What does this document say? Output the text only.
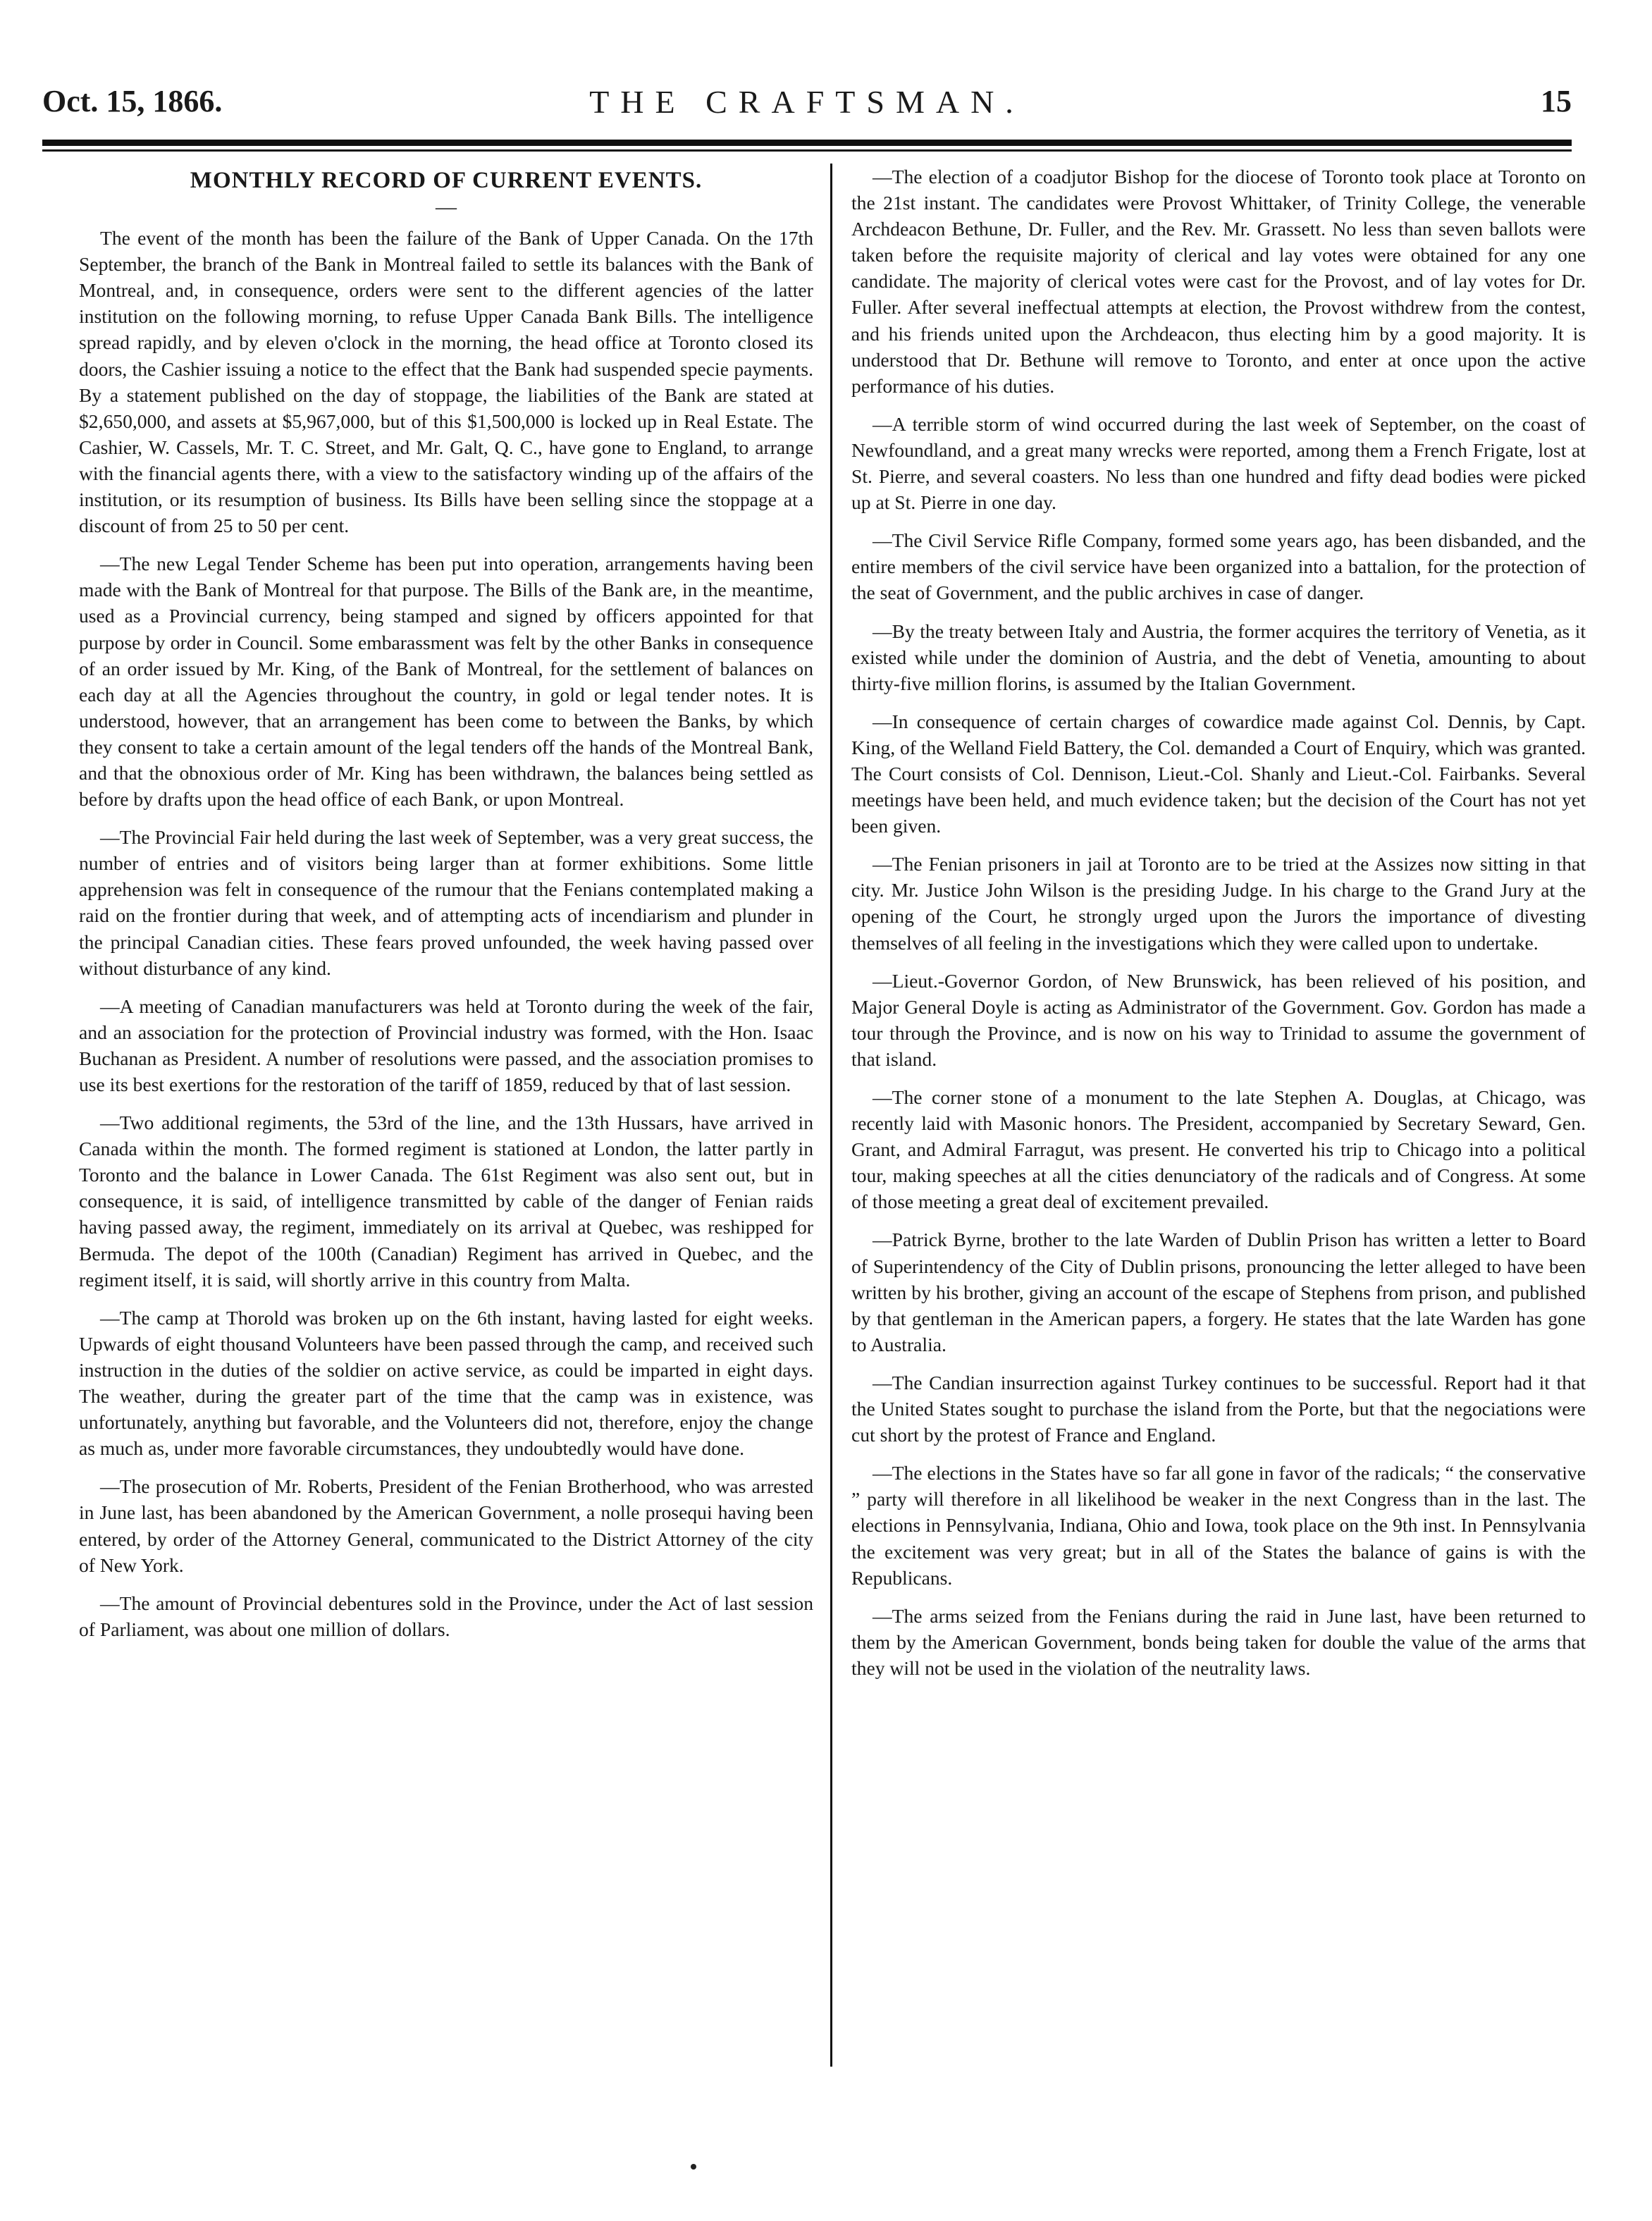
THE CRAFTSMAN.
Oct. 15, 1866.	15
MONTHLY RECORD OF CURRENT EVENTS.
—

The event of the month has been the failure of the Bank of Upper Canada. On the 17th September, the branch of the Bank in Montreal failed to settle its balances with the Bank of Montreal, and, in consequence, orders were sent to the different agencies of the latter institution on the following morning, to refuse Upper Canada Bank Bills. The intelligence spread rapidly, and by eleven o'clock in the morning, the head office at Toronto closed its doors, the Cashier issuing a notice to the effect that the Bank had suspended specie payments. By a statement published on the day of stoppage, the liabilities of the Bank are stated at $2,650,000, and assets at $5,967,000, but of this $1,500,000 is locked up in Real Estate. The Cashier, W. Cassels, Mr. T. C. Street, and Mr. Galt, Q. C., have gone to England, to arrange with the financial agents there, with a view to the satisfactory winding up of the affairs of the institution, or its resumption of business. Its Bills have been selling since the stoppage at a discount of from 25 to 50 per cent.

—The new Legal Tender Scheme has been put into operation, arrangements having been made with the Bank of Montreal for that purpose. The Bills of the Bank are, in the meantime, used as a Provincial currency, being stamped and signed by officers appointed for that purpose by order in Council. Some embarassment was felt by the other Banks in consequence of an order issued by Mr. King, of the Bank of Montreal, for the settlement of balances on each day at all the Agencies throughout the country, in gold or legal tender notes. It is understood, however, that an arrangement has been come to between the Banks, by which they consent to take a certain amount of the legal tenders off the hands of the Montreal Bank, and that the obnoxious order of Mr. King has been withdrawn, the balances being settled as before by drafts upon the head office of each Bank, or upon Montreal.

—The Provincial Fair held during the last week of September, was a very great success, the number of entries and of visitors being larger than at former exhibitions. Some little apprehension was felt in consequence of the rumour that the Fenians contemplated making a raid on the frontier during that week, and of attempting acts of incendiarism and plunder in the principal Canadian cities. These fears proved unfounded, the week having passed over without disturbance of any kind.

—A meeting of Canadian manufacturers was held at Toronto during the week of the fair, and an association for the protection of Provincial industry was formed, with the Hon. Isaac Buchanan as President. A number of resolutions were passed, and the association promises to use its best exertions for the restoration of the tariff of 1859, reduced by that of last session.

—Two additional regiments, the 53rd of the line, and the 13th Hussars, have arrived in Canada within the month. The formed regiment is stationed at London, the latter partly in Toronto and the balance in Lower Canada. The 61st Regiment was also sent out, but in consequence, it is said, of intelligence transmitted by cable of the danger of Fenian raids having passed away, the regiment, immediately on its arrival at Quebec, was reshipped for Bermuda. The depot of the 100th (Canadian) Regiment has arrived in Quebec, and the regiment itself, it is said, will shortly arrive in this country from Malta.

—The camp at Thorold was broken up on the 6th instant, having lasted for eight weeks. Upwards of eight thousand Volunteers have been passed through the camp, and received such instruction in the duties of the soldier on active service, as could be imparted in eight days. The weather, during the greater part of the time that the camp was in existence, was unfortunately, anything but favorable, and the Volunteers did not, therefore, enjoy the change as much as, under more favorable circumstances, they undoubtedly would have done.

—The prosecution of Mr. Roberts, President of the Fenian Brotherhood, who was arrested in June last, has been abandoned by the American Government, a nolle prosequi having been entered, by order of the Attorney General, communicated to the District Attorney of the city of New York.

—The amount of Provincial debentures sold in the Province, under the Act of last session of Parliament, was about one million of dollars.

—The election of a coadjutor Bishop for the diocese of Toronto took place at Toronto on the 21st instant. The candidates were Provost Whittaker, of Trinity College, the venerable Archdeacon Bethune, Dr. Fuller, and the Rev. Mr. Grassett. No less than seven ballots were taken before the requisite majority of clerical and lay votes were obtained for any one candidate. The majority of clerical votes were cast for the Provost, and of lay votes for Dr. Fuller. After several ineffectual attempts at election, the Provost withdrew from the contest, and his friends united upon the Archdeacon, thus electing him by a good majority. It is understood that Dr. Bethune will remove to Toronto, and enter at once upon the active performance of his duties.

—A terrible storm of wind occurred during the last week of September, on the coast of Newfoundland, and a great many wrecks were reported, among them a French Frigate, lost at St. Pierre, and several coasters. No less than one hundred and fifty dead bodies were picked up at St. Pierre in one day.

—The Civil Service Rifle Company, formed some years ago, has been disbanded, and the entire members of the civil service have been organized into a battalion, for the protection of the seat of Government, and the public archives in case of danger.

—By the treaty between Italy and Austria, the former acquires the territory of Venetia, as it existed while under the dominion of Austria, and the debt of Venetia, amounting to about thirty-five million florins, is assumed by the Italian Government.

—In consequence of certain charges of cowardice made against Col. Dennis, by Capt. King, of the Welland Field Battery, the Col. demanded a Court of Enquiry, which was granted. The Court consists of Col. Dennison, Lieut.-Col. Shanly and Lieut.-Col. Fairbanks. Several meetings have been held, and much evidence taken; but the decision of the Court has not yet been given.

—The Fenian prisoners in jail at Toronto are to be tried at the Assizes now sitting in that city. Mr. Justice John Wilson is the presiding Judge. In his charge to the Grand Jury at the opening of the Court, he strongly urged upon the Jurors the importance of divesting themselves of all feeling in the investigations which they were called upon to undertake.

—Lieut.-Governor Gordon, of New Brunswick, has been relieved of his position, and Major General Doyle is acting as Administrator of the Government. Gov. Gordon has made a tour through the Province, and is now on his way to Trinidad to assume the government of that island.

—The corner stone of a monument to the late Stephen A. Douglas, at Chicago, was recently laid with Masonic honors. The President, accompanied by Secretary Seward, Gen. Grant, and Admiral Farragut, was present. He converted his trip to Chicago into a political tour, making speeches at all the cities denunciatory of the radicals and of Congress. At some of those meeting a great deal of excitement prevailed.

—Patrick Byrne, brother to the late Warden of Dublin Prison has written a letter to Board of Superintendency of the City of Dublin prisons, pronouncing the letter alleged to have been written by his brother, giving an account of the escape of Stephens from prison, and published by that gentleman in the American papers, a forgery. He states that the late Warden has gone to Australia.

—The Candian insurrection against Turkey continues to be successful. Report had it that the United States sought to purchase the island from the Porte, but that the negociations were cut short by the protest of France and England.

—The elections in the States have so far all gone in favor of the radicals; “ the conservative ” party will therefore in all likelihood be weaker in the next Congress than in the last. The elections in Pennsylvania, Indiana, Ohio and Iowa, took place on the 9th inst. In Pennsylvania the excitement was very great; but in all of the States the balance of gains is with the Republicans.

—The arms seized from the Fenians during the raid in June last, have been returned to them by the American Government, bonds being taken for double the value of the arms that they will not be used in the violation of the neutrality laws.
